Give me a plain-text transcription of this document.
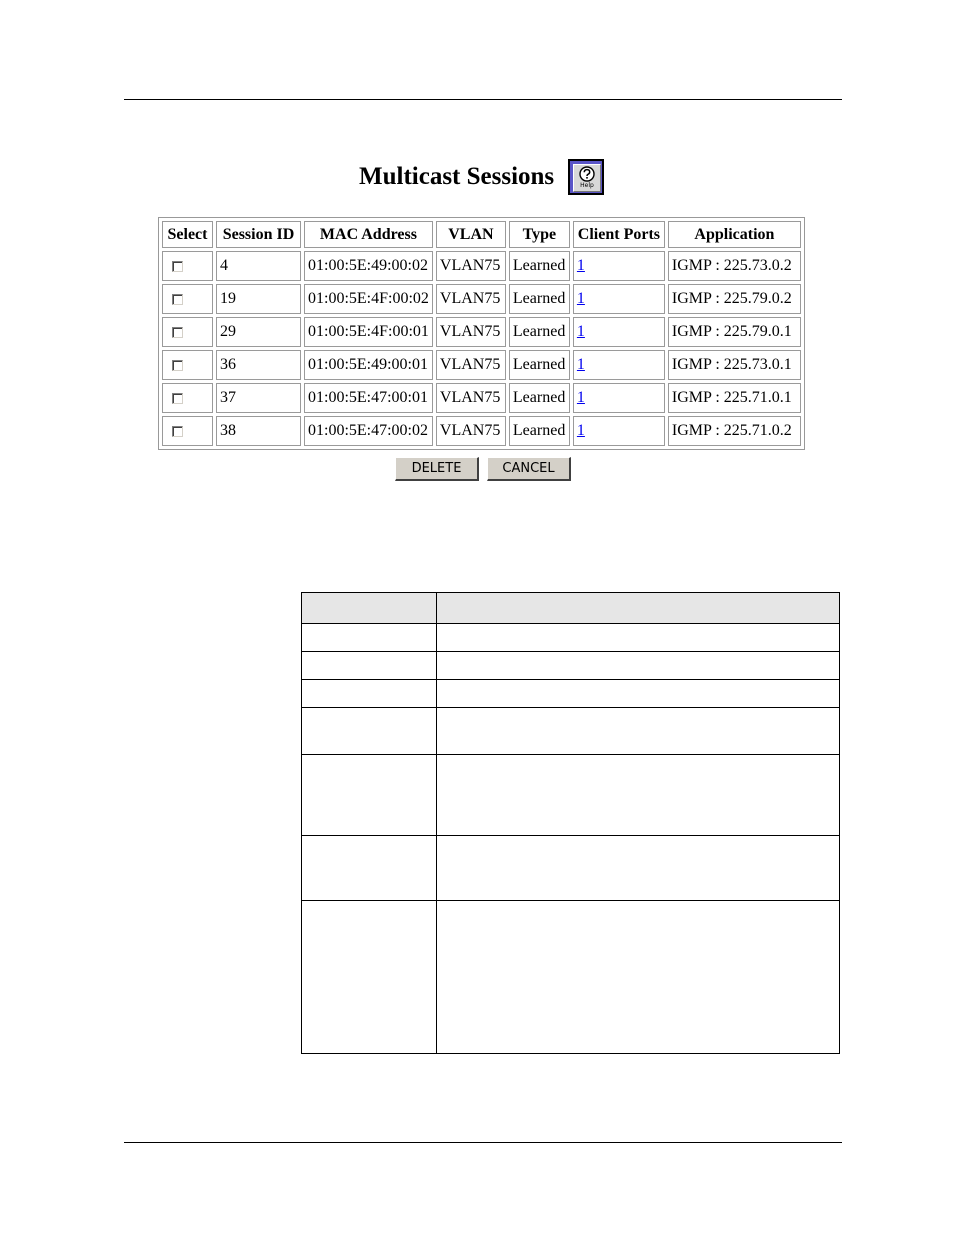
Multicast Sessions	Help
Select	Session ID	MAC Address	VLAN	Type	Client Ports	Application
	4	01:00:5E:49:00:02	VLAN75	Learned	1	IGMP : 225.73.0.2
	19	01:00:5E:4F:00:02	VLAN75	Learned	1	IGMP : 225.79.0.2
	29	01:00:5E:4F:00:01	VLAN75	Learned	1	IGMP : 225.79.0.1
	36	01:00:5E:49:00:01	VLAN75	Learned	1	IGMP : 225.73.0.1
	37	01:00:5E:47:00:01	VLAN75	Learned	1	IGMP : 225.71.0.1
	38	01:00:5E:47:00:02	VLAN75	Learned	1	IGMP : 225.71.0.2
DELETE	CANCEL
